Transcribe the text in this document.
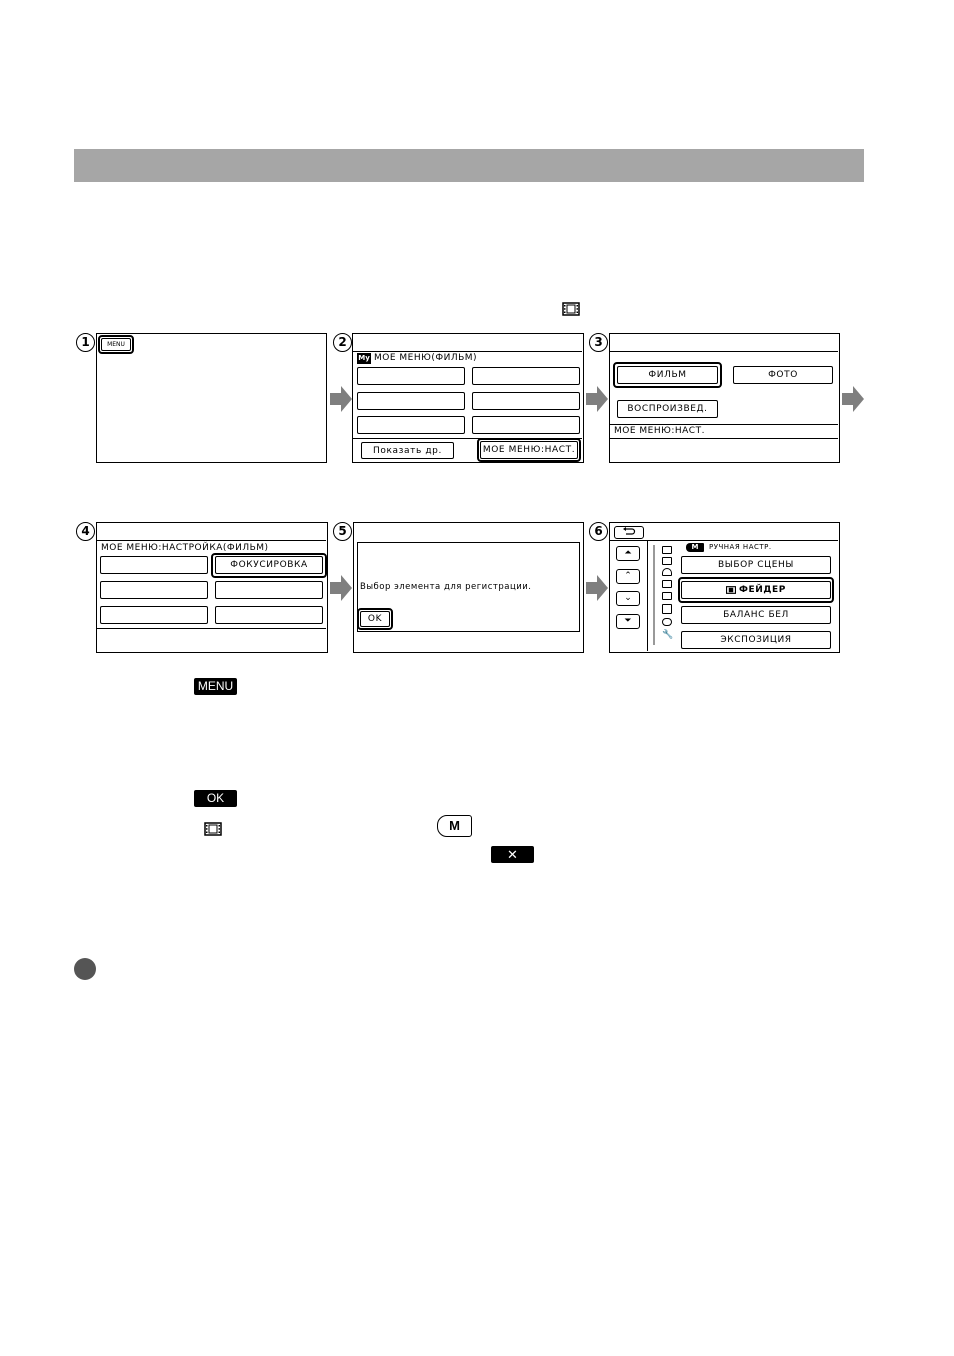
1	MENU	2
My МОЕ МЕНЮ(ФИЛЬМ)
Показать др.	МОЕ МЕНЮ:НАСТ.
3
ФИЛЬМ	ФОТО
ВОСПРОИЗВЕД.
МОЕ МЕНЮ:НАСТ.
4
МОЕ МЕНЮ:НАСТРОЙКА(ФИЛЬМ)
ФОКУСИРОВКА
5
Выбор элемента для регистрации.
OK
6
⏶
⌃
⌄
⏷
🔧
M	РУЧНАЯ НАСТР.
ВЫБОР СЦЕНЫ
ФЕЙДЕР
БАЛАНС БЕЛ
ЭКСПОЗИЦИЯ
MENU
OK
M
✕
